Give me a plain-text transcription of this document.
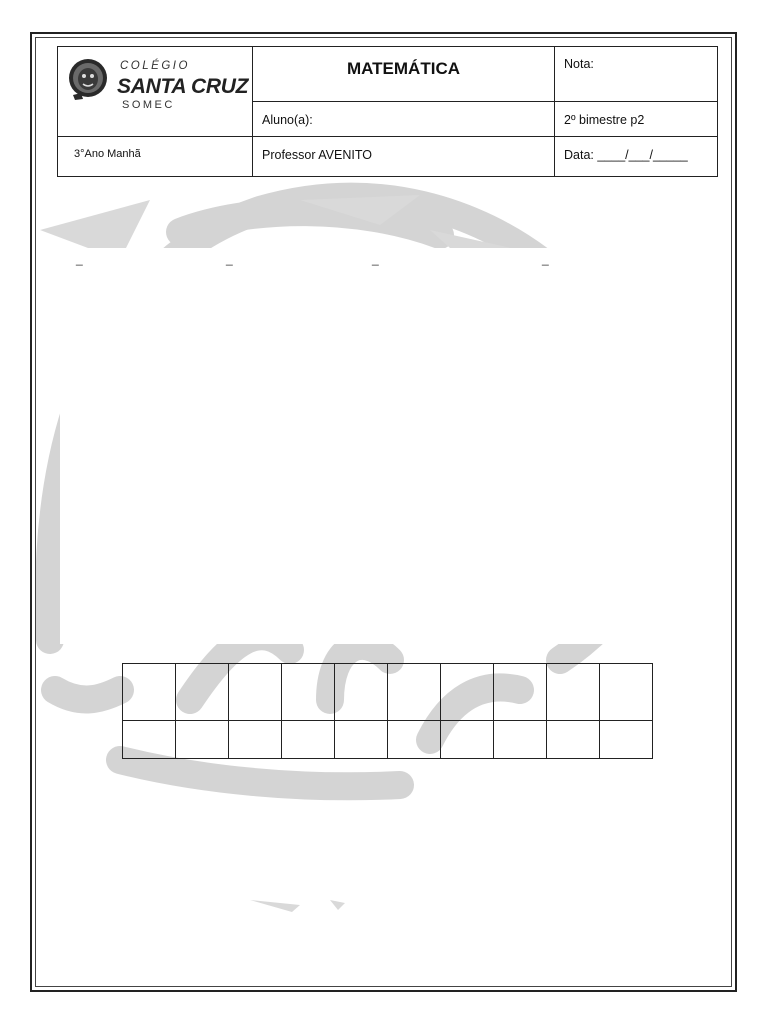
COLÉGIO
SANTA CRUZ
SOMEC
MATEMÁTICA	Nota:
Aluno(a):	2º bimestre p2
3°Ano Manhã	Professor AVENITO	Data: ____/___/_____
_	_	_	_
